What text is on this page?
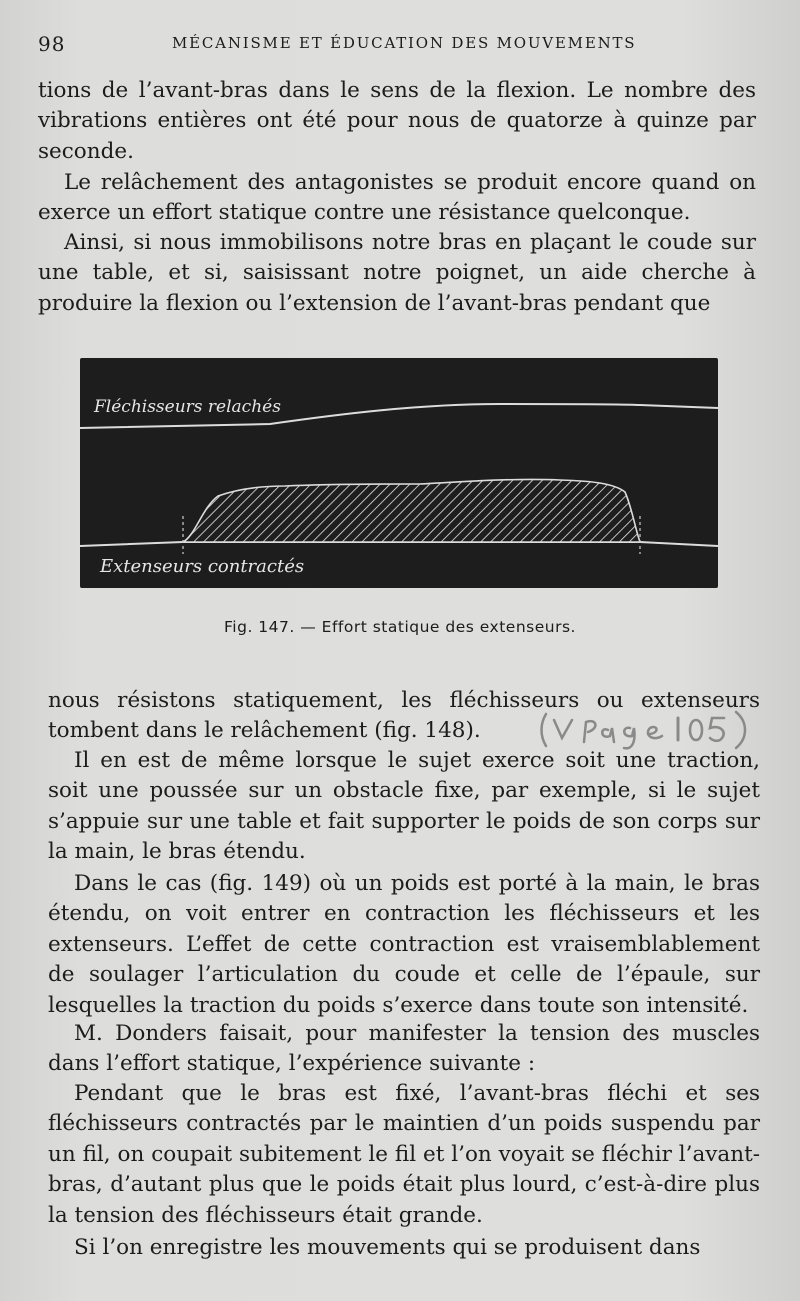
98	MÉCANISME ET ÉDUCATION DES MOUVEMENTS

tions de l’avant-bras dans le sens de la flexion. Le nombre des vibrations entières ont été pour nous de quatorze à quinze par seconde.

Le relâchement des antagonistes se produit encore quand on exerce un effort statique contre une résistance quelconque.

Ainsi, si nous immobilisons notre bras en plaçant le coude sur une table, et si, saisissant notre poignet, un aide cherche à produire la flexion ou l’extension de l’avant-bras pendant que

Fléchisseurs relachés
Extenseurs contractés
Fig. 147. — Effort statique des extenseurs.

nous résistons statiquement, les fléchisseurs ou extenseurs tombent dans le relâchement (fig. 148).

Il en est de même lorsque le sujet exerce soit une traction, soit une poussée sur un obstacle fixe, par exemple, si le sujet s’appuie sur une table et fait supporter le poids de son corps sur la main, le bras étendu.

Dans le cas (fig. 149) où un poids est porté à la main, le bras étendu, on voit entrer en contraction les fléchisseurs et les extenseurs. L’effet de cette contraction est vraisemblablement de soulager l’articulation du coude et celle de l’épaule, sur lesquelles la traction du poids s’exerce dans toute son intensité.

M. Donders faisait, pour manifester la tension des muscles dans l’effort statique, l’expérience suivante :

Pendant que le bras est fixé, l’avant-bras fléchi et ses fléchisseurs contractés par le maintien d’un poids suspendu par un fil, on coupait subitement le fil et l’on voyait se fléchir l’avant-bras, d’autant plus que le poids était plus lourd, c’est-à-dire plus la tension des fléchisseurs était grande.

Si l’on enregistre les mouvements qui se produisent dans
